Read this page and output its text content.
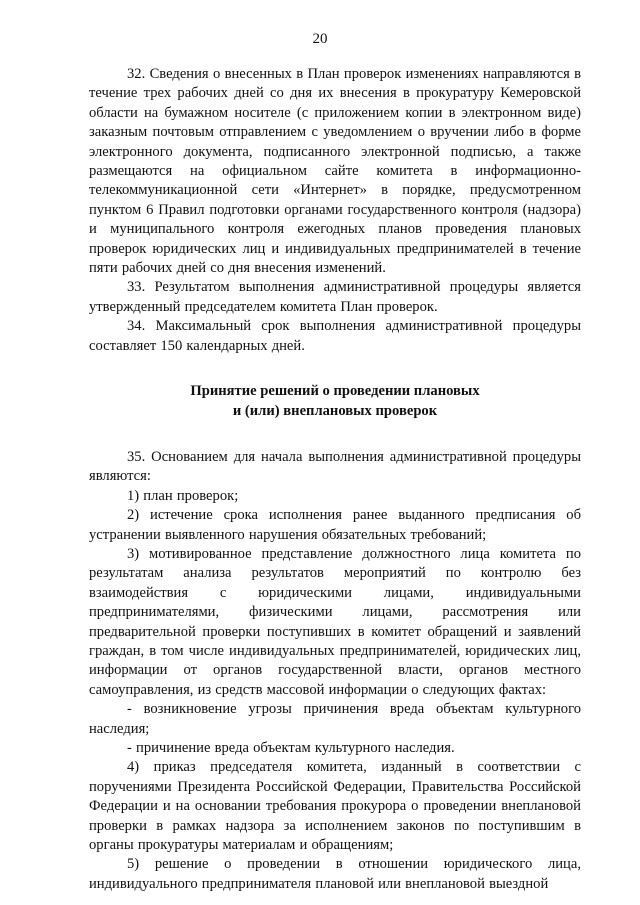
20

32. Сведения о внесенных в План проверок изменениях направляются в течение трех рабочих дней со дня их внесения в прокуратуру Кемеровской области на бумажном носителе (с приложением копии в электронном виде) заказным почтовым отправлением с уведомлением о вручении либо в форме электронного документа, подписанного электронной подписью, а также размещаются на официальном сайте комитета в информационно-телекоммуникационной сети «Интернет» в порядке, предусмотренном пунктом 6 Правил подготовки органами государственного контроля (надзора) и муниципального контроля ежегодных планов проведения плановых проверок юридических лиц и индивидуальных предпринимателей в течение пяти рабочих дней со дня внесения изменений.

33. Результатом выполнения административной процедуры является утвержденный председателем комитета План проверок.

34. Максимальный срок выполнения административной процедуры составляет 150 календарных дней.

Принятие решений о проведении плановых
и (или) внеплановых проверок

35. Основанием для начала выполнения административной процедуры являются:

1) план проверок;

2) истечение срока исполнения ранее выданного предписания об устранении выявленного нарушения обязательных требований;

3) мотивированное представление должностного лица комитета по результатам анализа результатов мероприятий по контролю без взаимодействия с юридическими лицами, индивидуальными предпринимателями, физическими лицами, рассмотрения или предварительной проверки поступивших в комитет обращений и заявлений граждан, в том числе индивидуальных предпринимателей, юридических лиц, информации от органов государственной власти, органов местного самоуправления, из средств массовой информации о следующих фактах:

- возникновение угрозы причинения вреда объектам культурного наследия;

- причинение вреда объектам культурного наследия.

4) приказ председателя комитета, изданный в соответствии с поручениями Президента Российской Федерации, Правительства Российской Федерации и на основании требования прокурора о проведении внеплановой проверки в рамках надзора за исполнением законов по поступившим в органы прокуратуры материалам и обращениям;

5) решение о проведении в отношении юридического лица, индивидуального предпринимателя плановой или внеплановой выездной
